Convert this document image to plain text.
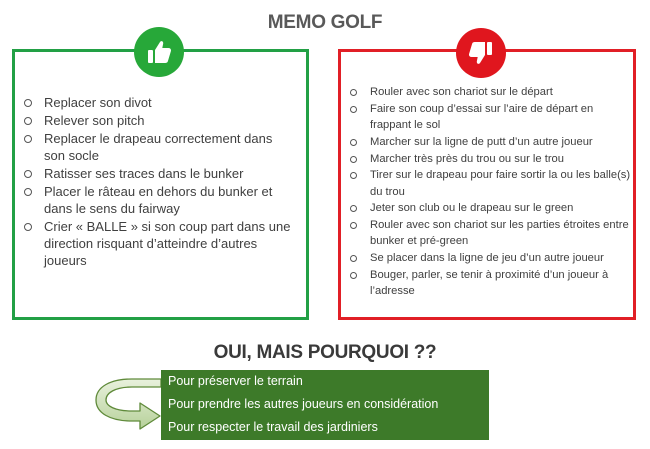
MEMO GOLF
Replacer son divot
Relever son pitch
Replacer le drapeau correctement dans son socle
Ratisser ses traces dans le bunker
Placer le râteau en dehors du bunker et dans le sens du fairway
Crier « BALLE » si son coup part dans une direction risquant d’atteindre d’autres joueurs
Rouler avec son chariot sur le départ
Faire son coup d’essai sur l’aire de départ en frappant le sol
Marcher sur la ligne de putt d’un autre joueur
Marcher très près du trou ou sur le trou
Tirer sur le drapeau pour faire sortir la ou les balle(s) du trou
Jeter son club ou le drapeau sur le green
Rouler avec son chariot sur les parties étroites entre bunker et pré-green
Se placer dans la ligne de jeu d’un autre joueur
Bouger, parler, se tenir à proximité d’un joueur à l’adresse
OUI, MAIS POURQUOI ??
Pour préserver le terrain
Pour prendre les autres joueurs en considération
Pour respecter le travail des jardiniers
